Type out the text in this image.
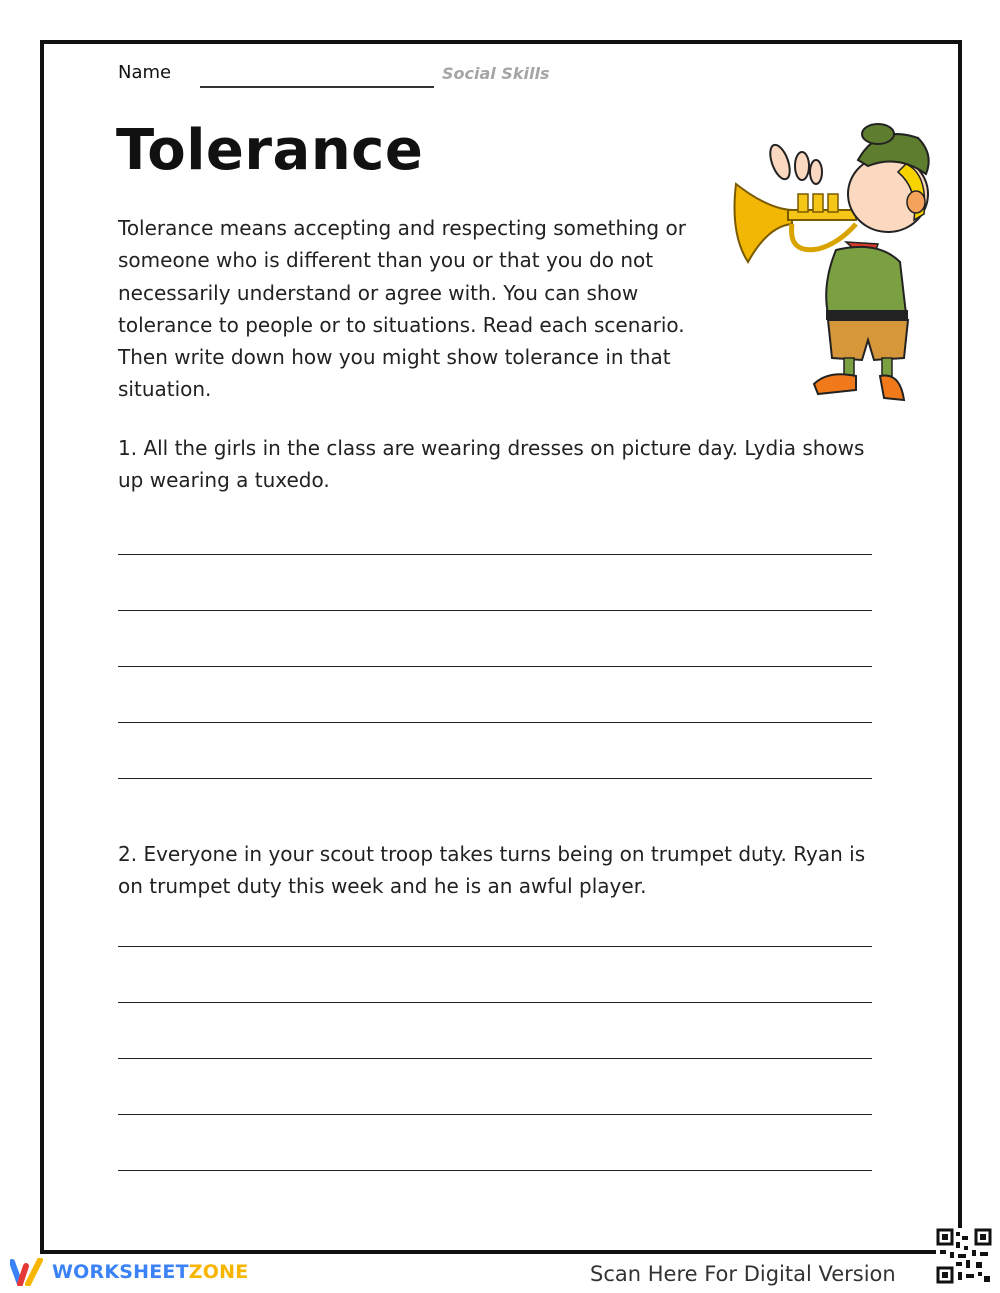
Name	Social Skills
Tolerance
Tolerance means accepting and respecting something or someone who is different than you or that you do not necessarily understand or agree with. You can show tolerance to people or to situations. Read each scenario. Then write down how you might show tolerance in that situation.
1. All the girls in the class are wearing dresses on picture day. Lydia shows up wearing a tuxedo.
2. Everyone in your scout troop takes turns being on trumpet duty. Ryan is on trumpet duty this week and he is an awful player.
WORKSHEETZONE	Scan Here For Digital Version
